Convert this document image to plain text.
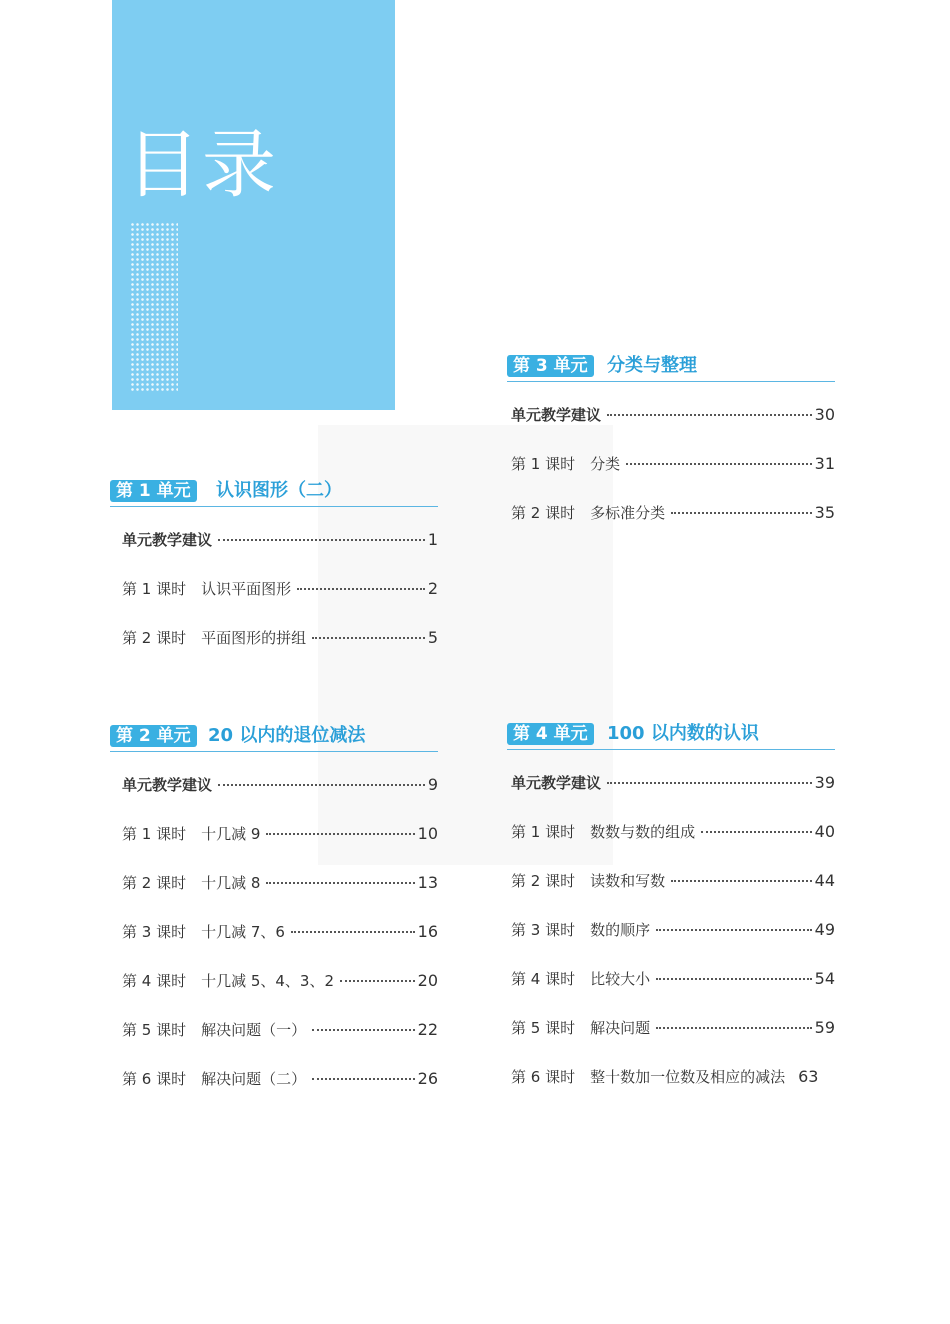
目录
第 1 单元	认识图形（二）
单元教学建议	1
第 1 课时　认识平面图形	2
第 2 课时　平面图形的拼组	5
第 2 单元 20 以内的退位减法
单元教学建议	9
第 1 课时　十几减 9	10
第 2 课时　十几减 8	13
第 3 课时　十几减 7、6	16
第 4 课时　十几减 5、4、3、2	20
第 5 课时　解决问题（一）	22
第 6 课时　解决问题（二）	26
第 3 单元	分类与整理
单元教学建议	30
第 1 课时　分类	31
第 2 课时　多标准分类	35
第 4 单元	100 以内数的认识
单元教学建议	39
第 1 课时　数数与数的组成	40
第 2 课时　读数和写数	44
第 3 课时　数的顺序	49
第 4 课时　比较大小	54
第 5 课时　解决问题	59
第 6 课时　整十数加一位数及相应的减法 63
